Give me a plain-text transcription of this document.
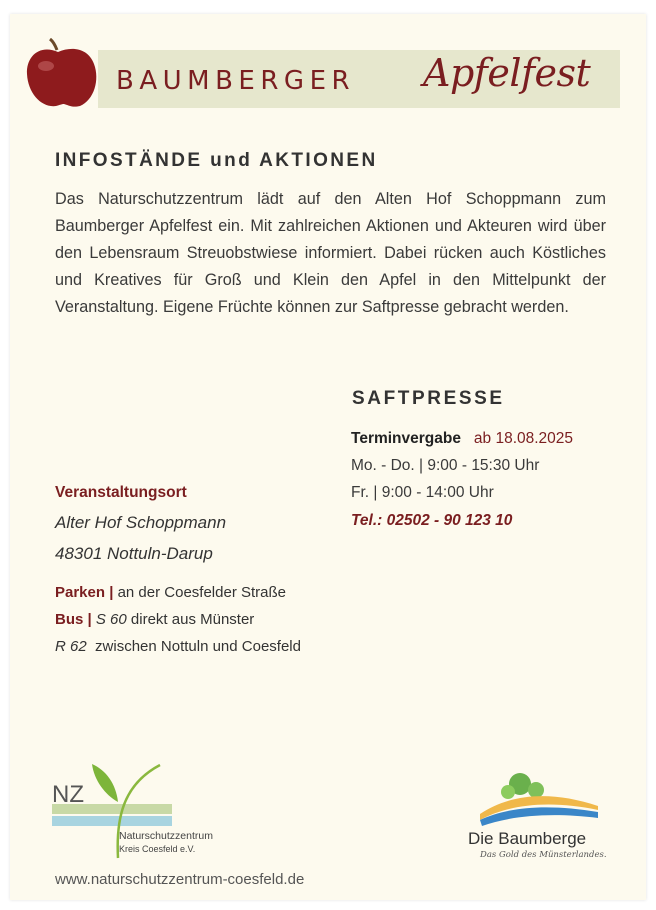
BAUMBERGER Apfelfest
INFOSTÄNDE und AKTIONEN
Das Naturschutzzentrum lädt auf den Alten Hof Schoppmann zum Baumberger Apfelfest ein. Mit zahlreichen Aktionen und Akteuren wird über den Lebensraum Streuobstwiese informiert. Dabei rücken auch Köstliches und Kreatives für Groß und Klein den Apfel in den Mittelpunkt der Veranstaltung. Eigene Früchte können zur Saftpresse gebracht werden.
SAFTPRESSE
Terminvergabe ab 18.08.2025
Mo. - Do. | 9:00 - 15:30 Uhr
Fr. | 9:00 - 14:00 Uhr
Tel.: 02502 - 90 123 10
Veranstaltungsort
Alter Hof Schoppmann
48301 Nottuln-Darup
Parken | an der Coesfelder Straße
Bus | S 60 direkt aus Münster
R 62 zwischen Nottuln und Coesfeld
NZ
Naturschutzzentrum
Kreis Coesfeld e.V.
Die Baumberge
Das Gold des Münsterlandes.
www.naturschutzzentrum-coesfeld.de
